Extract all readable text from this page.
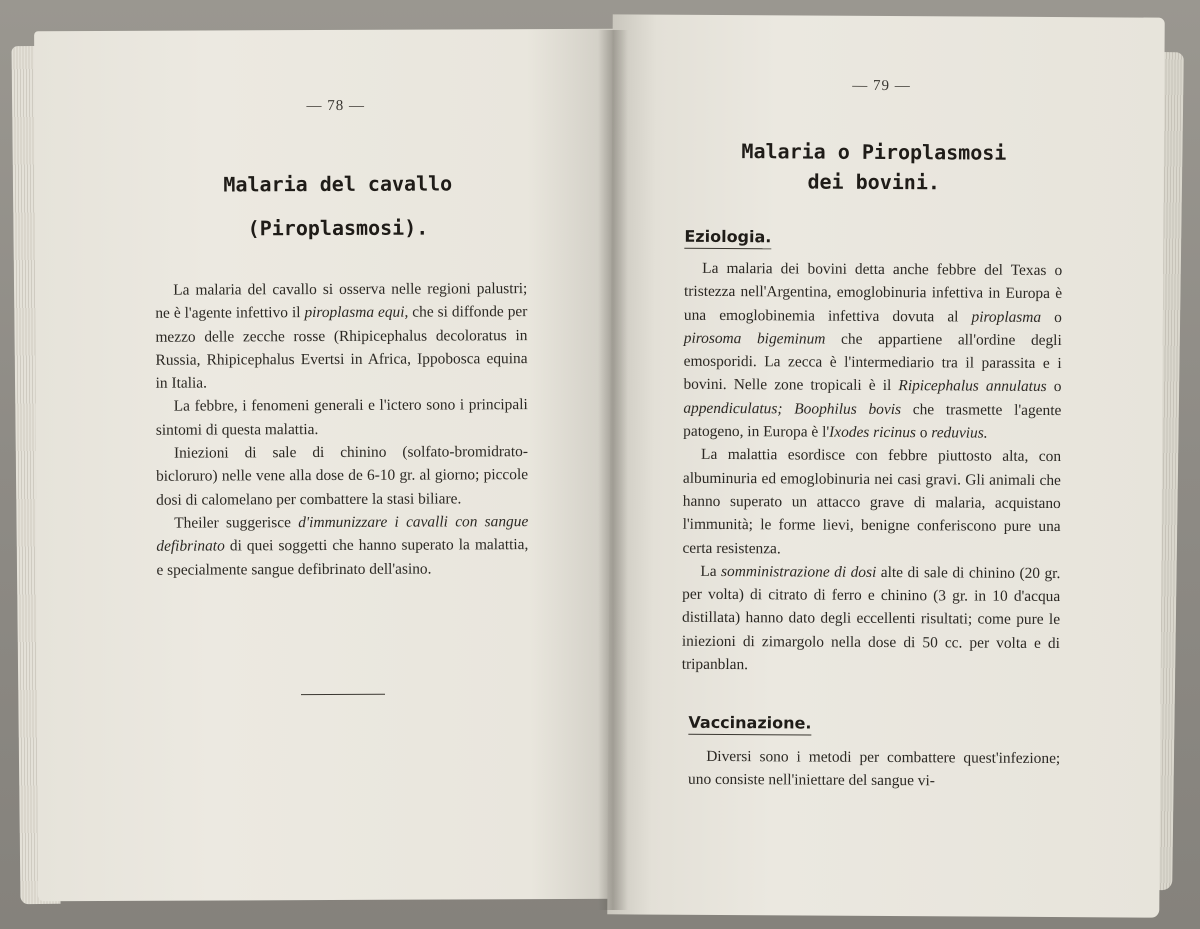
— 78 —
Malaria del cavallo
(Piroplasmosi).

La malaria del cavallo si osserva nelle regioni palustri; ne è l'agente infettivo il piroplasma equi, che si diffonde per mezzo delle zecche rosse (Rhipicephalus decoloratus in Russia, Rhipicephalus Evertsi in Africa, Ippobosca equina in Italia.

La febbre, i fenomeni generali e l'ictero sono i principali sintomi di questa malattia.

Iniezioni di sale di chinino (solfato-bromidrato-bicloruro) nelle vene alla dose de 6-10 gr. al giorno; piccole dosi di calomelano per combattere la stasi biliare.

Theiler suggerisce d'immunizzare i cavalli con sangue defibrinato di quei soggetti che hanno superato la malattia, e specialmente sangue defibrinato dell'asino.

— 79 —
Malaria o Piroplasmosi
dei bovini.
Eziologia.

La malaria dei bovini detta anche febbre del Texas o tristezza nell'Argentina, emoglobinuria infettiva in Europa è una emoglobinemia infettiva dovuta al piroplasma o pirosoma bigeminum che appartiene all'ordine degli emosporidi. La zecca è l'intermediario tra il parassita e i bovini. Nelle zone tropicali è il Ripicephalus annulatus o appendiculatus; Boophilus bovis che trasmette l'agente patogeno, in Europa è l'Ixodes ricinus o reduvius.

La malattia esordisce con febbre piuttosto alta, con albuminuria ed emoglobinuria nei casi gravi. Gli animali che hanno superato un attacco grave di malaria, acquistano l'immunità; le forme lievi, benigne conferiscono pure una certa resistenza.

La somministrazione di dosi alte di sale di chinino (20 gr. per volta) di citrato di ferro e chinino (3 gr. in 10 d'acqua distillata) hanno dato degli eccellenti risultati; come pure le iniezioni di zimargolo nella dose di 50 cc. per volta e di tripanblan.

Vaccinazione.

Diversi sono i metodi per combattere quest'infezione; uno consiste nell'iniettare del sangue vi-
